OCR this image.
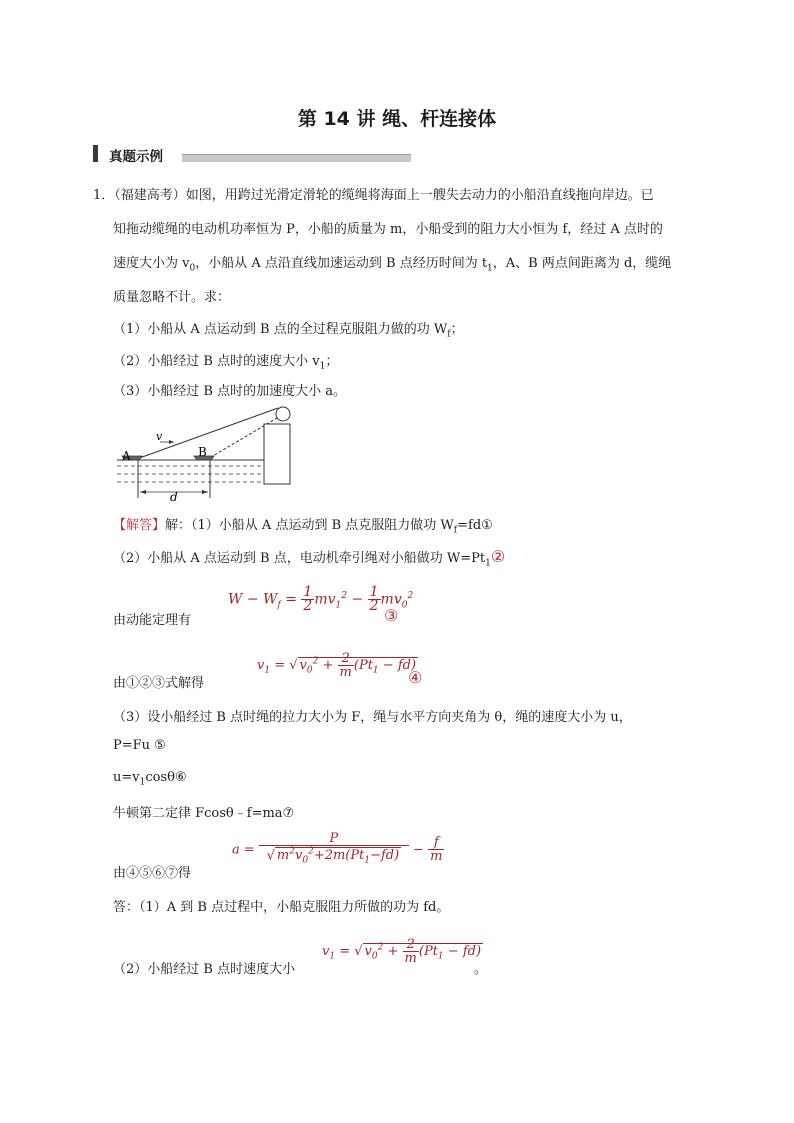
第 14 讲 绳、杆连接体
真题示例
1．（福建高考）如图，用跨过光滑定滑轮的缆绳将海面上一艘失去动力的小船沿直线拖向岸边。已
知拖动缆绳的电动机功率恒为 P，小船的质量为 m，小船受到的阻力大小恒为 f，经过 A 点时的
速度大小为 $v_0$，小船从 A 点沿直线加速运动到 B 点经历时间为 $t_1$，A、B 两点间距离为 d，缆绳
质量忽略不计。求：
（1）小船从 A 点运动到 B 点的全过程克服阻力做的功 $W_f$；
（2）小船经过 B 点时的速度大小 $v_1$；
（3）小船经过 B 点时的加速度大小 a。
A	B
v
d
【解答】解：（1）小船从 A 点运动到 B 点克服阻力做功 $W_f=fd①$
（2）小船从 A 点运动到 B 点，电动机牵引绳对小船做功 $W=Pt_1②$
由动能定理有
$W - W_f = \frac{1}{2} mv_1^2 - \frac{1}{2} mv_0^2$
③
由①②③式解得
$v_1$ = √ $v_0^2 + \frac{2}{m} (Pt_1 - fd)$
④
（3）设小船经过 B 点时绳的拉力大小为 F，绳与水平方向夹角为 θ，绳的速度大小为 u，
P=Fu ⑤
$u=v_1\cos\theta ⑥$
牛顿第二定律 Fcosθ﹣f=ma⑦
由④⑤⑥⑦得
$a = \frac{P}{√ m^2v_0^2+2m(Pt_1-fd)} - \frac{f}{m}$
答：（1）A 到 B 点过程中，小船克服阻力所做的功为 fd。
（2）小船经过 B 点时速度大小
$v_1$ = √ $v_0^2 + \frac{2}{m} (Pt_1 - fd)$
。
